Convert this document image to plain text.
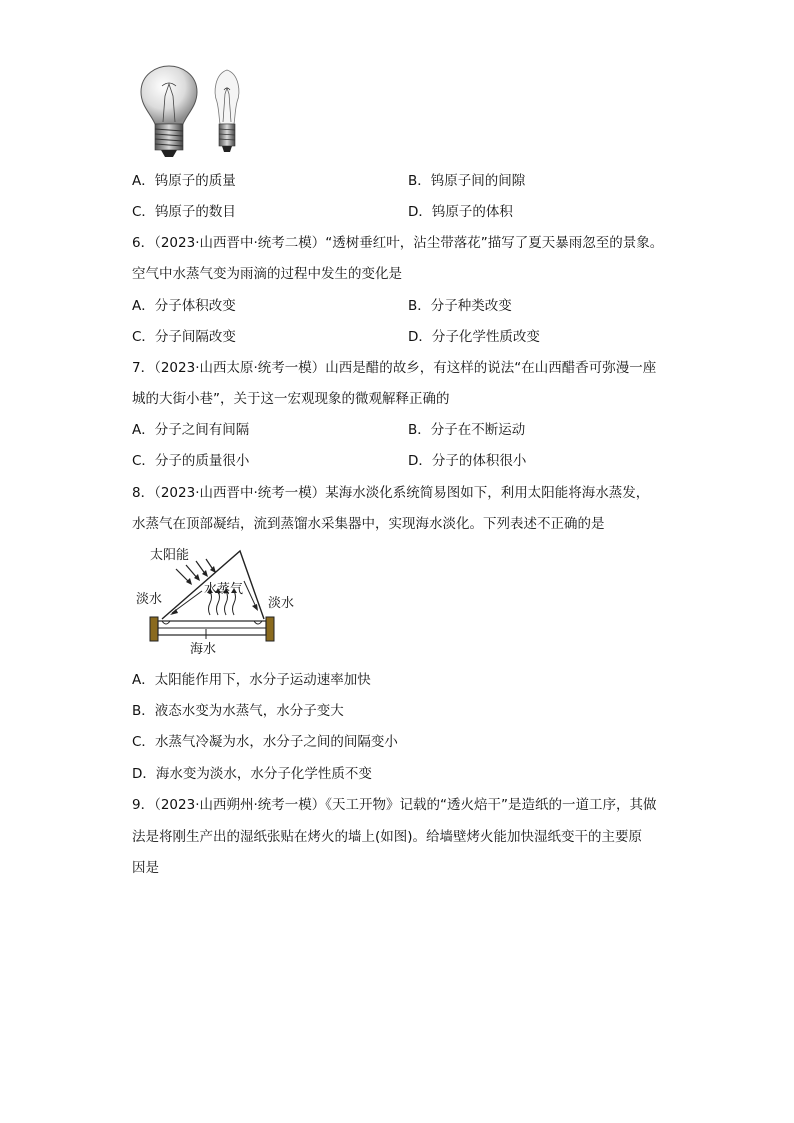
A．钨原子的质量	B．钨原子间的间隙
C．钨原子的数目	D．钨原子的体积
6．（2023·山西晋中·统考二模）“透树垂红叶，沾尘带落花”描写了夏天暴雨忽至的景象。
空气中水蒸气变为雨滴的过程中发生的变化是
A．分子体积改变	B．分子种类改变
C．分子间隔改变	D．分子化学性质改变
7．（2023·山西太原·统考一模）山西是醋的故乡，有这样的说法“在山西醋香可弥漫一座
城的大街小巷”，关于这一宏观现象的微观解释正确的
A．分子之间有间隔	B．分子在不断运动
C．分子的质量很小	D．分子的体积很小
8．（2023·山西晋中·统考一模）某海水淡化系统简易图如下，利用太阳能将海水蒸发，
水蒸气在顶部凝结，流到蒸馏水采集器中，实现海水淡化。下列表述不正确的是
太阳能
水蒸气
淡水	淡水
海水
A．太阳能作用下，水分子运动速率加快
B．液态水变为水蒸气，水分子变大
C．水蒸气冷凝为水，水分子之间的间隔变小
D．海水变为淡水，水分子化学性质不变
9．（2023·山西朔州·统考一模）《天工开物》记载的“透火焙干”是造纸的一道工序，其做
法是将刚生产出的湿纸张贴在烤火的墙上(如图)。给墙壁烤火能加快湿纸变干的主要原
因是
